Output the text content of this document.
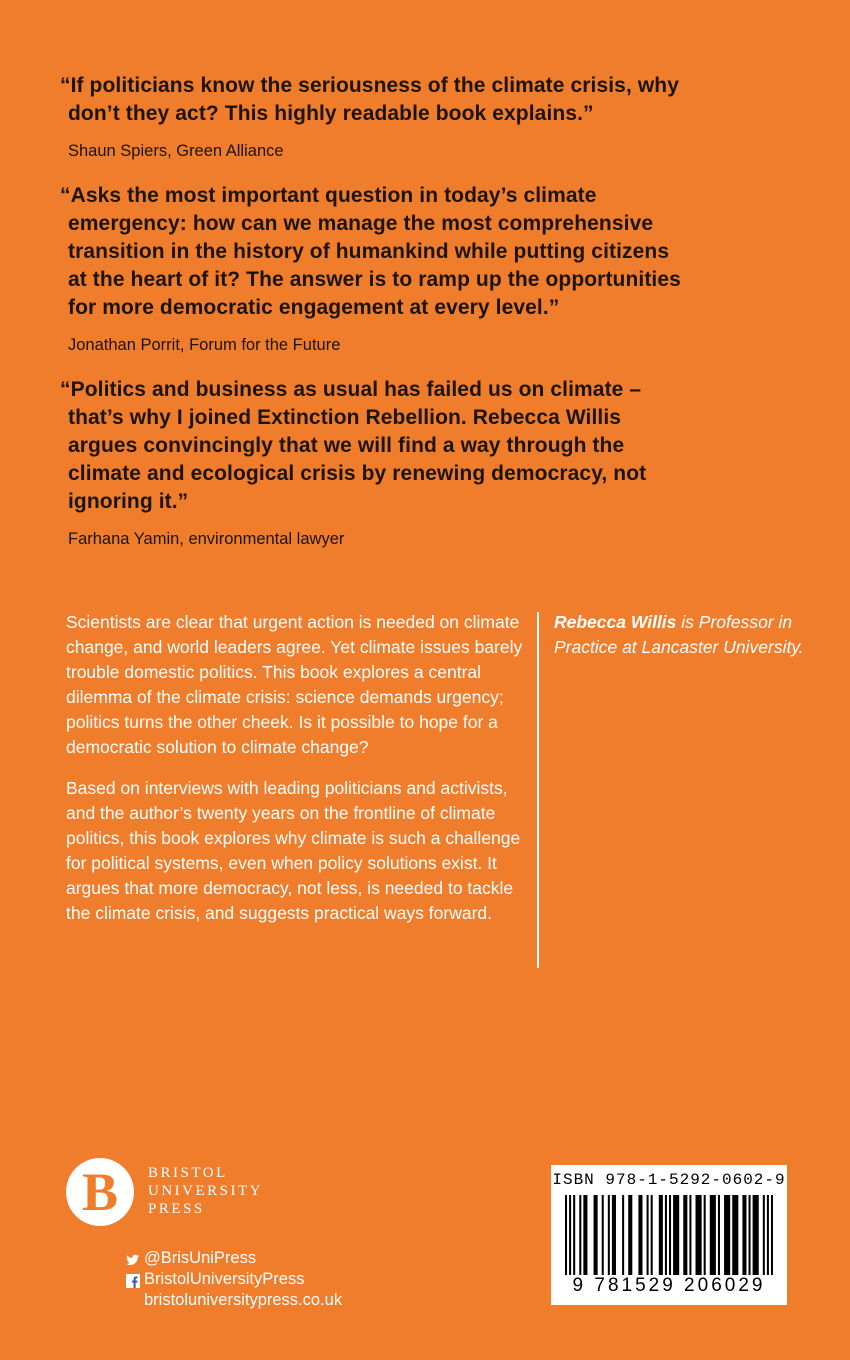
“If politicians know the seriousness of the climate crisis, why don’t they act? This highly readable book explains.”

Shaun Spiers, Green Alliance

“Asks the most important question in today’s climate emergency: how can we manage the most comprehensive transition in the history of humankind while putting citizens at the heart of it? The answer is to ramp up the opportunities for more democratic engagement at every level.”

Jonathan Porrit, Forum for the Future

“Politics and business as usual has failed us on climate – that’s why I joined Extinction Rebellion. Rebecca Willis argues convincingly that we will find a way through the climate and ecological crisis by renewing democracy, not ignoring it.”

Farhana Yamin, environmental lawyer

Scientists are clear that urgent action is needed on climate change, and world leaders agree. Yet climate issues barely trouble domestic politics. This book explores a central dilemma of the climate crisis: science demands urgency; politics turns the other cheek. Is it possible to hope for a democratic solution to climate change?

Based on interviews with leading politicians and activists, and the author’s twenty years on the frontline of climate politics, this book explores why climate is such a challenge for political systems, even when policy solutions exist. It argues that more democracy, not less, is needed to tackle the climate crisis, and suggests practical ways forward.

Rebecca Willis is Professor in Practice at Lancaster University.
B BRISTOL
UNIVERSITY
PRESS
@BrisUniPress
BristolUniversityPress
bristoluniversitypress.co.uk
ISBN 978-1-5292-0602-9
9 781529 206029
